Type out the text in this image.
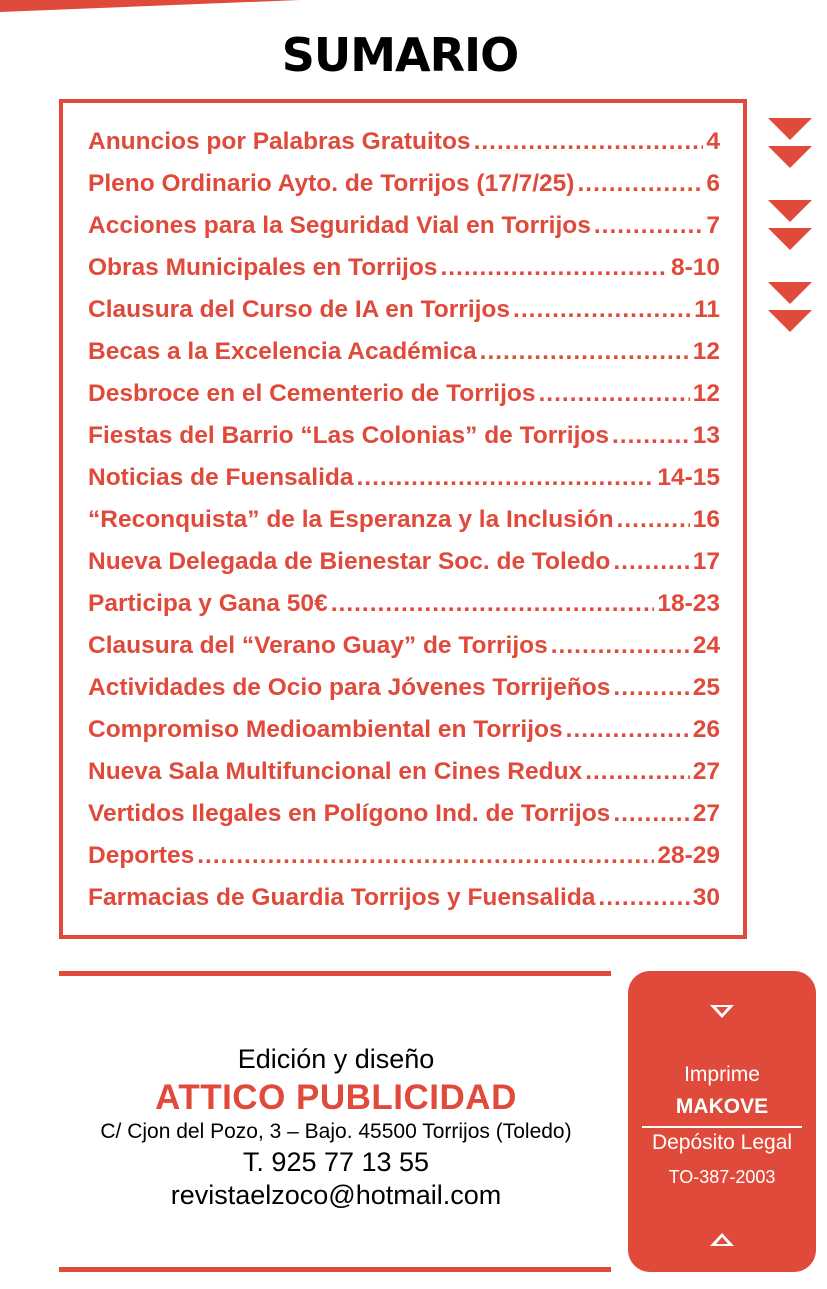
SUMARIO
Anuncios por Palabras Gratuitos .....	4
Pleno Ordinario Ayto. de Torrijos (17/7/25) .....	6
Acciones para la Seguridad Vial en Torrijos .....	7
Obras Municipales en Torrijos .....	8-10
Clausura del Curso de IA en Torrijos .....	11
Becas a la Excelencia Académica .....	12
Desbroce en el Cementerio de Torrijos .....	12
Fiestas del Barrio “Las Colonias” de Torrijos .....	13
Noticias de Fuensalida .....	14-15
“Reconquista” de la Esperanza y la Inclusión .....	16
Nueva Delegada de Bienestar Soc. de Toledo .....	17
Participa y Gana 50€ .....	18-23
Clausura del “Verano Guay” de Torrijos .....	24
Actividades de Ocio para Jóvenes Torrijeños .....	25
Compromiso Medioambiental en Torrijos .....	26
Nueva Sala Multifuncional en Cines Redux .....	27
Vertidos Ilegales en Polígono Ind. de Torrijos .....	27
Deportes .....	28-29
Farmacias de Guardia Torrijos y Fuensalida .....	30
Edición y diseño
ATTICO PUBLICIDAD
C/ Cjon del Pozo, 3 – Bajo. 45500 Torrijos (Toledo)
T. 925 77 13 55
revistaelzoco@hotmail.com
Imprime
MAKOVE
Depósito Legal
TO-387-2003
